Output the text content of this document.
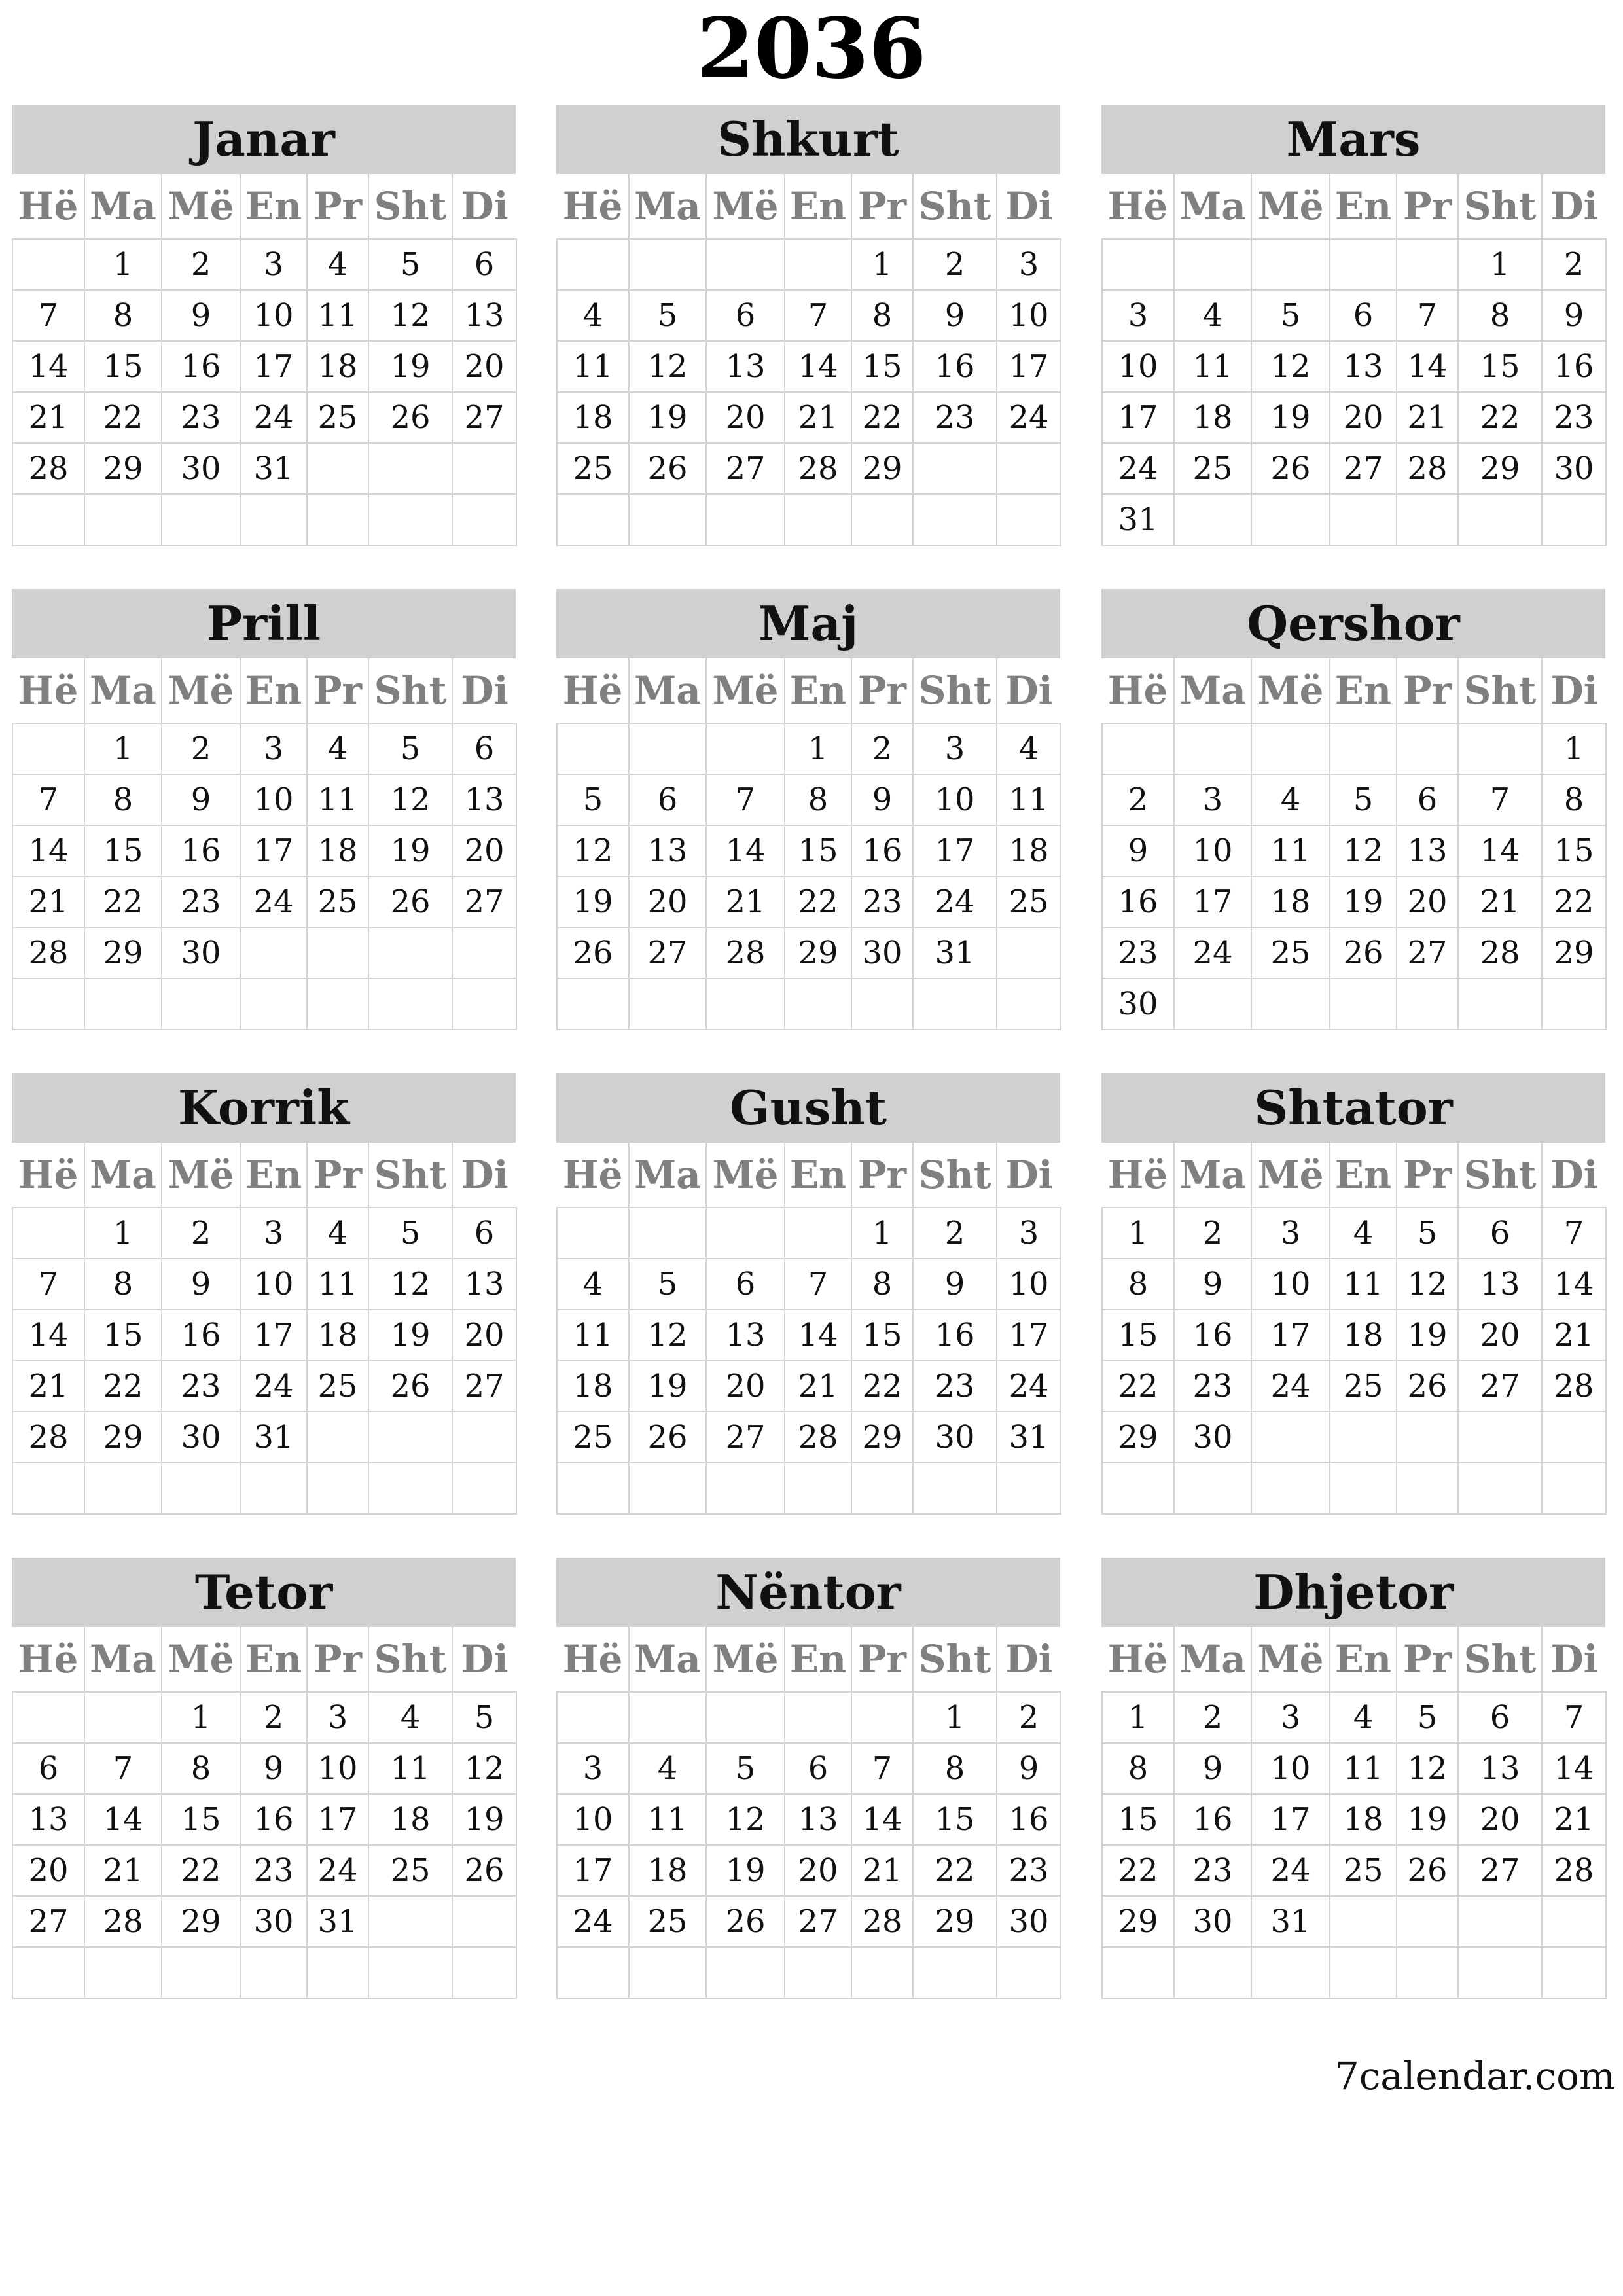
2036
Janar
Hë	Ma	Më	En	Pr	Sht	Di
	1	2	3	4	5	6
7	8	9	10	11	12	13
14	15	16	17	18	19	20
21	22	23	24	25	26	27
28	29	30	31			

Shkurt
Hë	Ma	Më	En	Pr	Sht	Di
				1	2	3
4	5	6	7	8	9	10
11	12	13	14	15	16	17
18	19	20	21	22	23	24
25	26	27	28	29		

Mars
Hë	Ma	Më	En	Pr	Sht	Di
					1	2
3	4	5	6	7	8	9
10	11	12	13	14	15	16
17	18	19	20	21	22	23
24	25	26	27	28	29	30
31						
Prill
Hë	Ma	Më	En	Pr	Sht	Di
	1	2	3	4	5	6
7	8	9	10	11	12	13
14	15	16	17	18	19	20
21	22	23	24	25	26	27
28	29	30				

Maj
Hë	Ma	Më	En	Pr	Sht	Di
			1	2	3	4
5	6	7	8	9	10	11
12	13	14	15	16	17	18
19	20	21	22	23	24	25
26	27	28	29	30	31	

Qershor
Hë	Ma	Më	En	Pr	Sht	Di
						1
2	3	4	5	6	7	8
9	10	11	12	13	14	15
16	17	18	19	20	21	22
23	24	25	26	27	28	29
30						
Korrik
Hë	Ma	Më	En	Pr	Sht	Di
	1	2	3	4	5	6
7	8	9	10	11	12	13
14	15	16	17	18	19	20
21	22	23	24	25	26	27
28	29	30	31			

Gusht
Hë	Ma	Më	En	Pr	Sht	Di
				1	2	3
4	5	6	7	8	9	10
11	12	13	14	15	16	17
18	19	20	21	22	23	24
25	26	27	28	29	30	31

Shtator
Hë	Ma	Më	En	Pr	Sht	Di
1	2	3	4	5	6	7
8	9	10	11	12	13	14
15	16	17	18	19	20	21
22	23	24	25	26	27	28
29	30					

Tetor
Hë	Ma	Më	En	Pr	Sht	Di
		1	2	3	4	5
6	7	8	9	10	11	12
13	14	15	16	17	18	19
20	21	22	23	24	25	26
27	28	29	30	31		

Nëntor
Hë	Ma	Më	En	Pr	Sht	Di
					1	2
3	4	5	6	7	8	9
10	11	12	13	14	15	16
17	18	19	20	21	22	23
24	25	26	27	28	29	30

Dhjetor
Hë	Ma	Më	En	Pr	Sht	Di
1	2	3	4	5	6	7
8	9	10	11	12	13	14
15	16	17	18	19	20	21
22	23	24	25	26	27	28
29	30	31				

7calendar.com
